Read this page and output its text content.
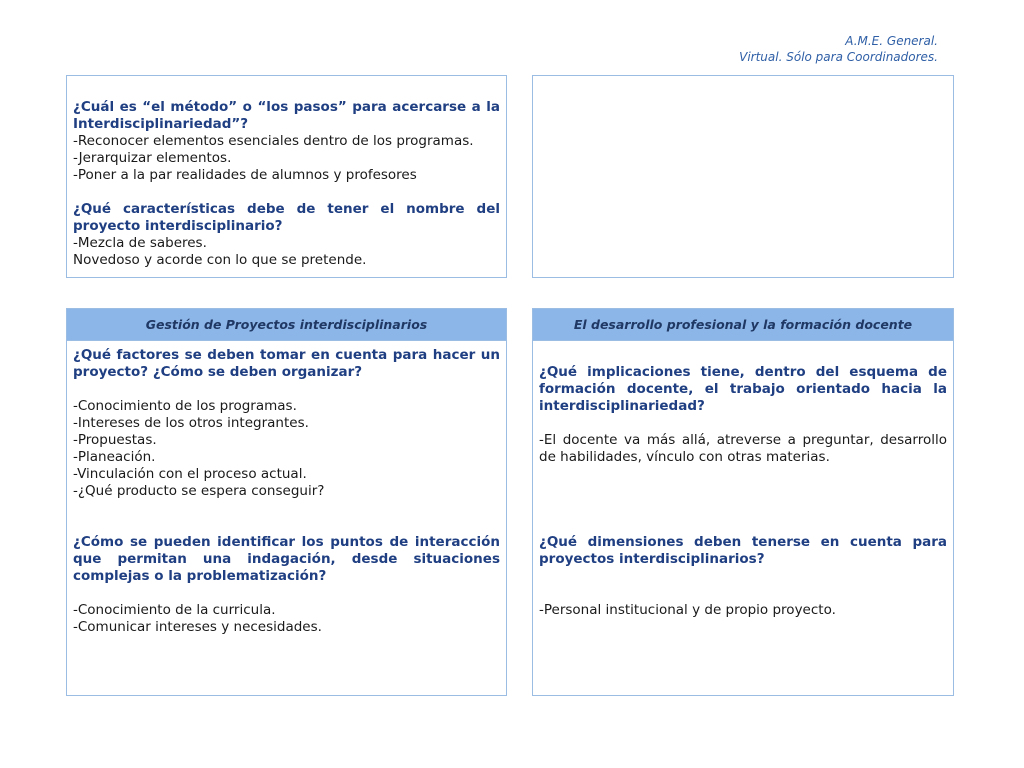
A.M.E. General.
Virtual. Sólo para Coordinadores.

¿Cuál es “el método” o “los pasos” para acercarse a la Interdisciplinariedad”?

-Reconocer elementos esenciales dentro de los programas.

-Jerarquizar elementos.

-Poner a la par realidades de alumnos y profesores

¿Qué características debe de tener el nombre del proyecto interdisciplinario?

-Mezcla de saberes.

Novedoso y acorde con lo que se pretende.

Gestión de Proyectos interdisciplinarios

¿Qué factores se deben tomar en cuenta para hacer un proyecto? ¿Cómo se deben organizar?

-Conocimiento de los programas.

-Intereses de los otros integrantes.

-Propuestas.

-Planeación.

-Vinculación con el proceso actual.

-¿Qué producto se espera conseguir?

¿Cómo se pueden identificar los puntos de interacción que permitan una indagación, desde situaciones complejas o la problematización?

-Conocimiento de la curricula.

-Comunicar intereses y necesidades.

El desarrollo profesional y la formación docente

¿Qué implicaciones tiene, dentro del esquema de formación docente, el trabajo orientado hacia la interdisciplinariedad?

-El docente va más allá, atreverse a preguntar, desarrollo de habilidades, vínculo con otras materias.

¿Qué dimensiones deben tenerse en cuenta para proyectos interdisciplinarios?

-Personal institucional y de propio proyecto.
